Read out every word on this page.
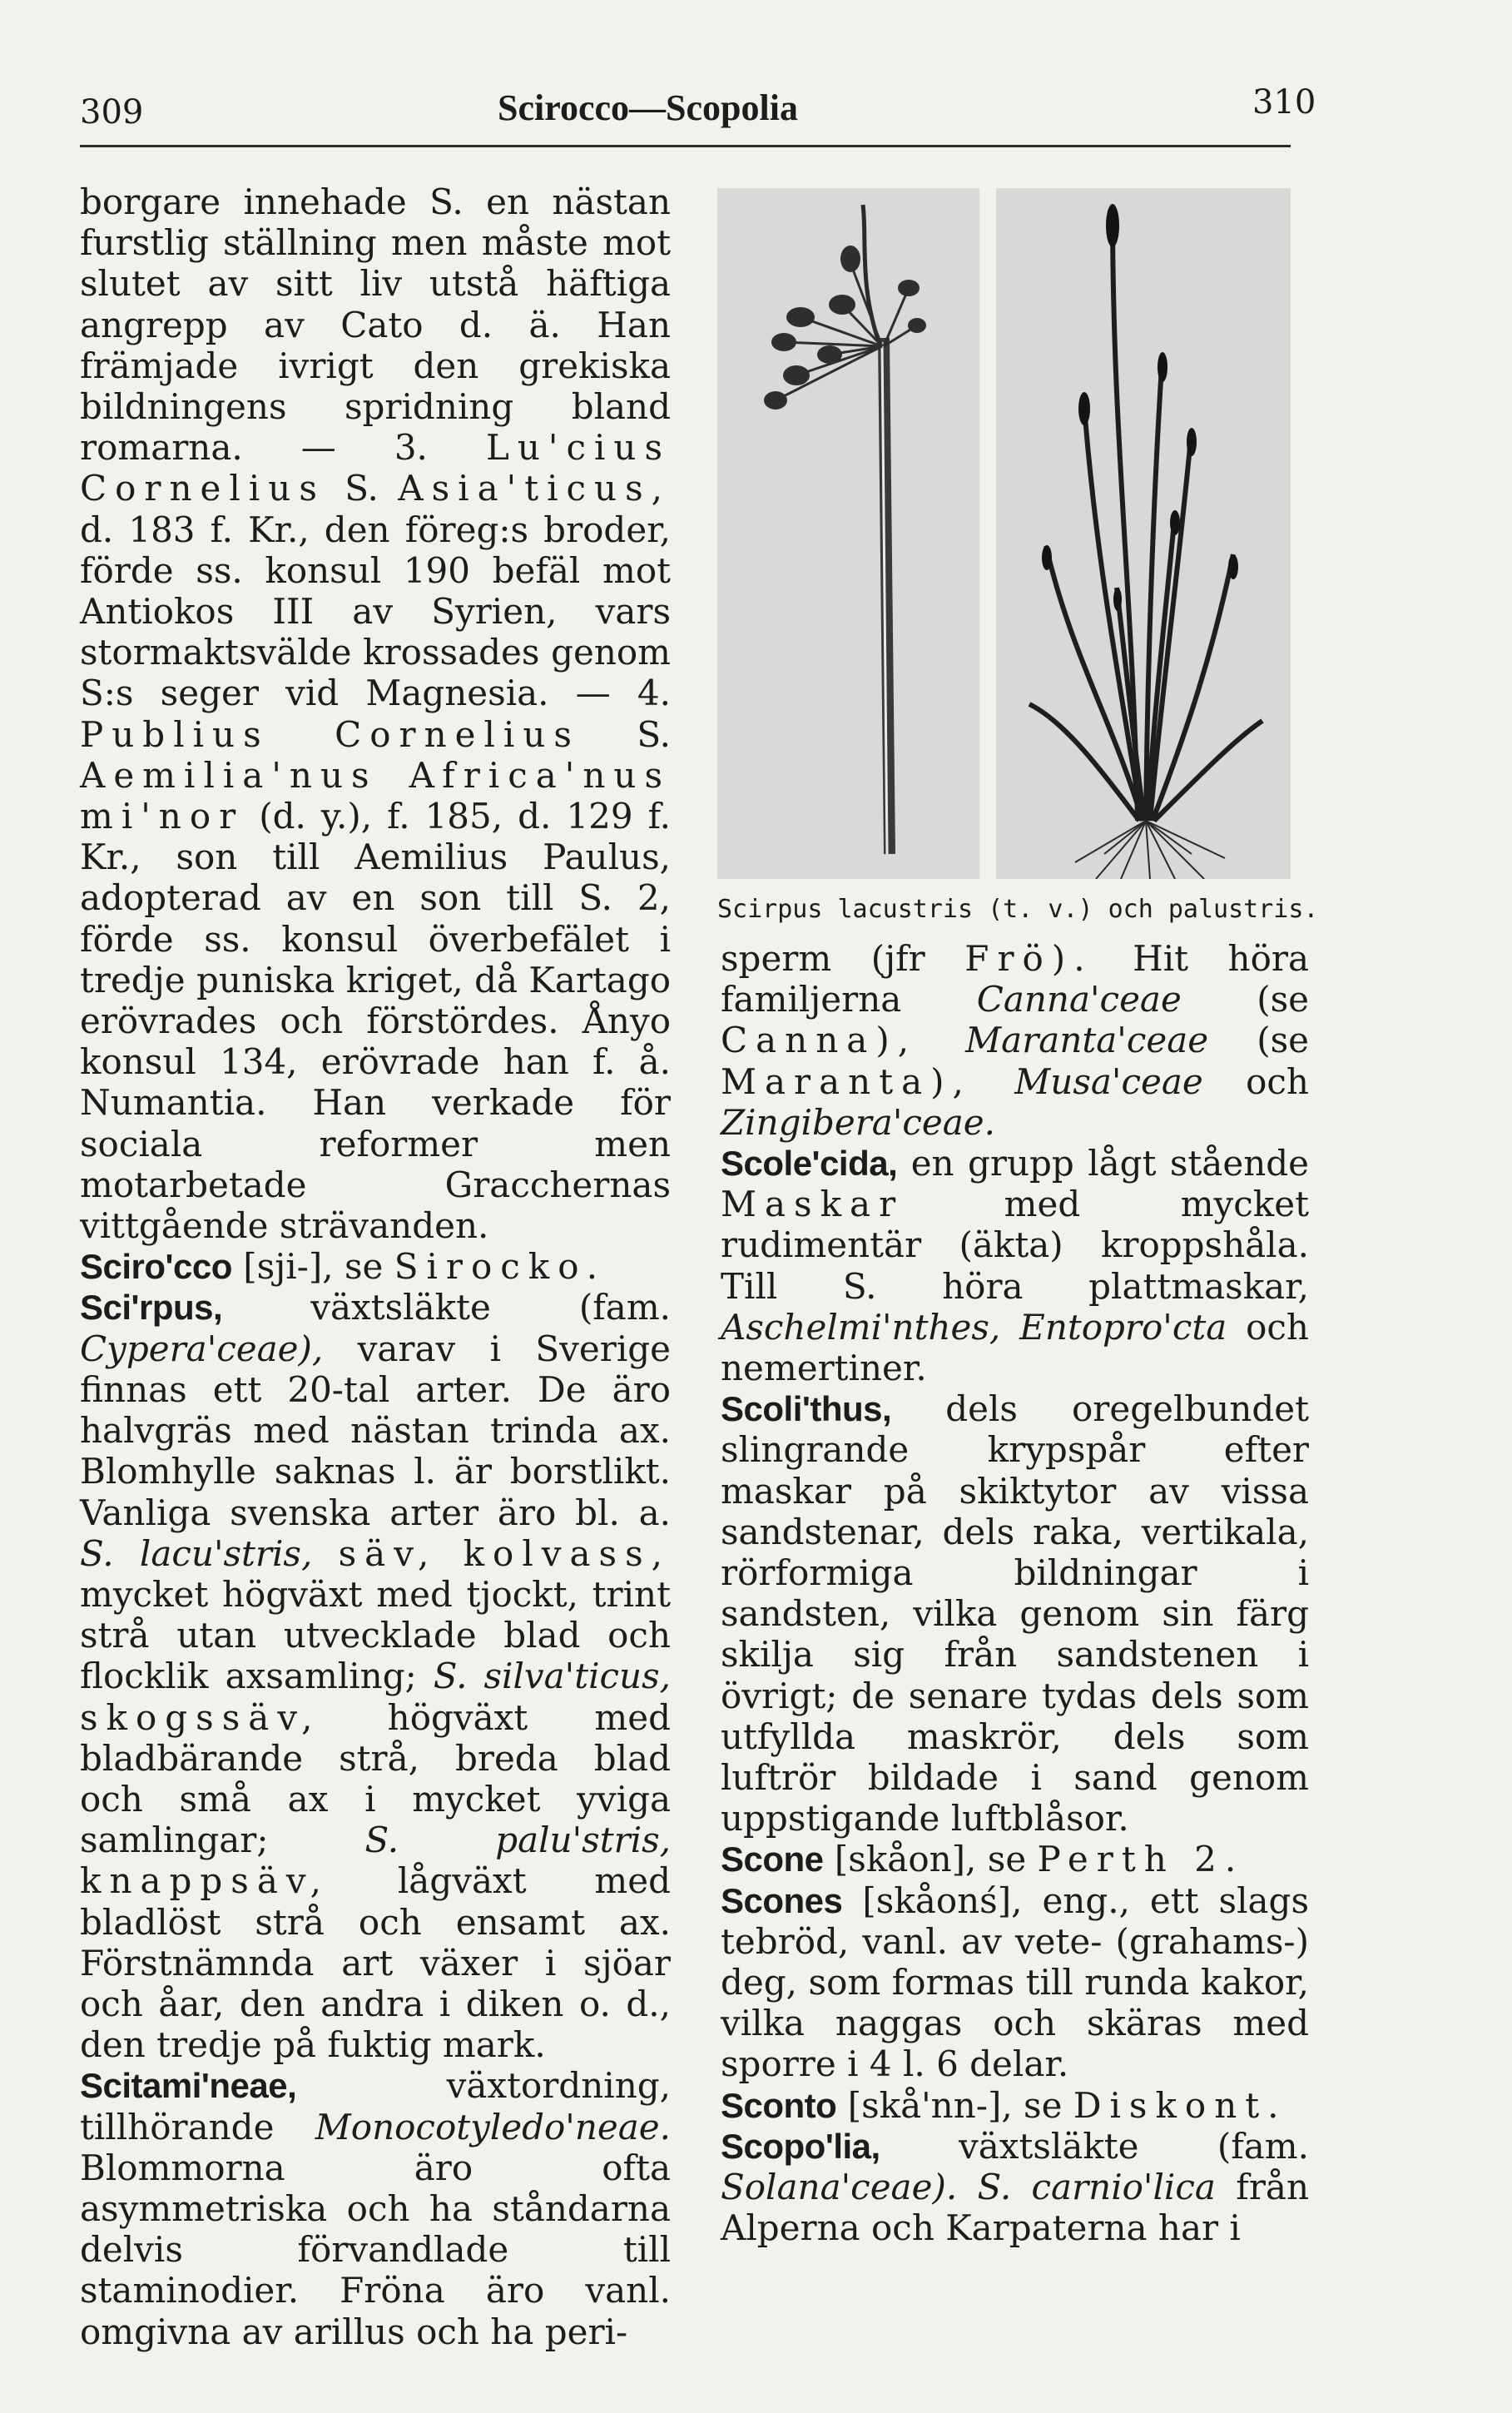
309	Scirocco—Scopolia	310

borgare innehade S. en nästan furstlig ställning men måste mot slutet av sitt liv utstå häftiga angrepp av Cato d. ä. Han främjade ivrigt den grekiska bildningens spridning bland romarna. — 3. Lu'cius Cornelius S. Asia'ticus, d. 183 f. Kr., den föreg:s broder, förde ss. konsul 190 befäl mot Antiokos III av Syrien, vars stormaktsvälde krossades genom S:s seger vid Magnesia. — 4. Publius Cornelius S. Aemilia'nus Africa'nus mi'nor (d. y.), f. 185, d. 129 f. Kr., son till Aemilius Paulus, adopterad av en son till S. 2, förde ss. konsul överbefälet i tredje puniska kriget, då Kartago erövrades och förstördes. Ånyo konsul 134, erövrade han f. å. Numantia. Han verkade för sociala reformer men motarbetade Gracchernas vittgående strävanden.

Sciro'cco [sji-], se Sirocko.

Sci'rpus,	växtsläkte (fam. Cypera'ceae), varav i Sverige finnas ett 20-tal arter. De äro halvgräs med nästan trinda ax. Blomhylle saknas l. är borstlikt. Vanliga svenska arter äro bl. a. S. lacu'stris, säv, kolvass, mycket högväxt med tjockt, trint strå utan utvecklade blad och flocklik axsamling; S. silva'ticus, skogssäv, högväxt med bladbärande strå, breda blad och små ax i mycket yviga samlingar;	S. palu'stris, knappsäv, lågväxt med bladlöst strå och ensamt ax. Förstnämnda art växer i sjöar och åar, den andra i diken o. d., den tredje på fuktig mark.

Scitami'neae,	växtordning, tillhörande Monocotyledo'neae. Blommorna äro ofta asymmetriska och ha ståndarna delvis förvandlade till staminodier. Fröna äro vanl. omgivna av arillus och ha peri-

Scirpus lacustris (t. v.) och palustris.

sperm (jfr Frö). Hit höra familjerna Canna'ceae (se Canna), Maranta'ceae (se Maranta), Musa'ceae och Zingibera'ceae.

Scole'cida, en grupp lågt stående Maskar	med mycket rudimentär (äkta) kroppshåla. Till S. höra plattmaskar, Aschelmi'nthes, Entopro'cta och nemertiner.

Scoli'thus, dels oregelbundet slingrande krypspår efter maskar på skiktytor av vissa sandstenar, dels raka, vertikala, rörformiga bildningar i sandsten, vilka genom sin färg skilja sig från sandstenen i övrigt; de senare tydas dels som utfyllda maskrör, dels som luftrör bildade i sand genom uppstigande luftblåsor.

Scone [skåon], se Perth 2.

Scones [skåonś], eng., ett slags tebröd, vanl. av vete- (grahams-) deg, som formas till runda kakor, vilka naggas och skäras med sporre i 4 l. 6 delar.

Sconto [skå'nn-], se Diskont.

Scopo'lia, växtsläkte (fam. Solana'ceae). S. carnio'lica från Alperna och Karpaterna har i
